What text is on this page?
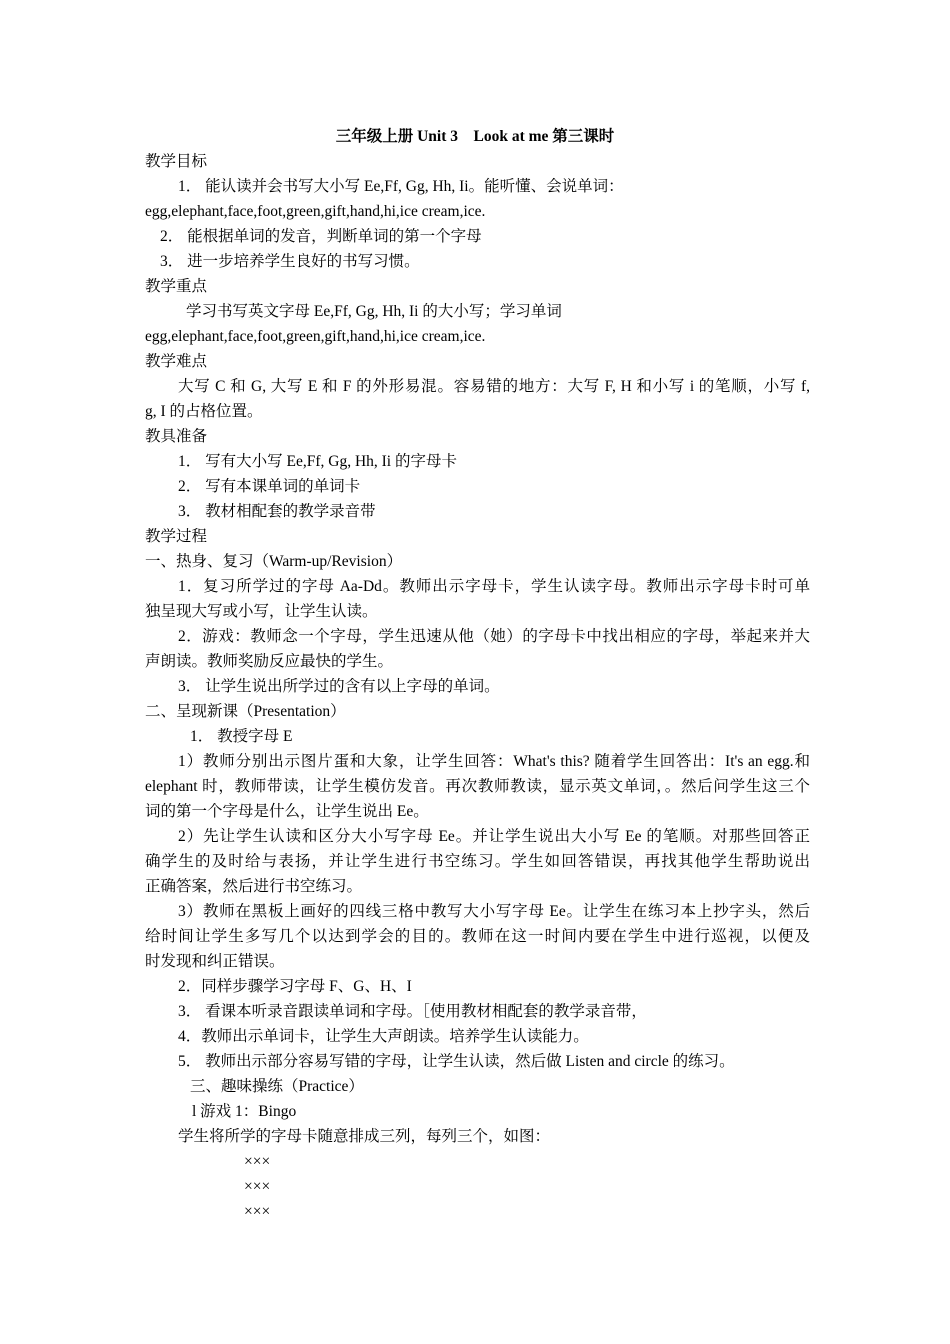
三年级上册 Unit 3　Look at me 第三课时
教学目标
1． 能认读并会书写大小写 Ee,Ff, Gg, Hh, Ii。能听懂、会说单词：
egg,elephant,face,foot,green,gift,hand,hi,ice cream,ice.
2． 能根据单词的发音，判断单词的第一个字母
3． 进一步培养学生良好的书写习惯。
教学重点
学习书写英文字母 Ee,Ff, Gg, Hh, Ii 的大小写；学习单词
egg,elephant,face,foot,green,gift,hand,hi,ice cream,ice.
教学难点
大写 C 和 G, 大写 E 和 F 的外形易混。容易错的地方：大写 F, H 和小写 i 的笔顺，小写 f,
g, I 的占格位置。
教具准备
1． 写有大小写 Ee,Ff, Gg, Hh, Ii 的字母卡
2． 写有本课单词的单词卡
3． 教材相配套的教学录音带
教学过程
一、热身、复习（Warm-up/Revision）
1．复习所学过的字母 Aa-Dd。教师出示字母卡，学生认读字母。教师出示字母卡时可单
独呈现大写或小写，让学生认读。
2．游戏：教师念一个字母，学生迅速从他（她）的字母卡中找出相应的字母，举起来并大
声朗读。教师奖励反应最快的学生。
3． 让学生说出所学过的含有以上字母的单词。
二、呈现新课（Presentation）
1． 教授字母 E
1）教师分别出示图片蛋和大象，让学生回答：What's this? 随着学生回答出：It's an egg.和
elephant 时，教师带读，让学生模仿发音。再次教师教读，显示英文单词，。然后问学生这三个
词的第一个字母是什么，让学生说出 Ee。
2）先让学生认读和区分大小写字母 Ee。并让学生说出大小写 Ee 的笔顺。对那些回答正
确学生的及时给与表扬，并让学生进行书空练习。学生如回答错误，再找其他学生帮助说出
正确答案，然后进行书空练习。
3）教师在黑板上画好的四线三格中教写大小写字母 Ee。让学生在练习本上抄字头，然后
给时间让学生多写几个以达到学会的目的。教师在这一时间内要在学生中进行巡视，以便及
时发现和纠正错误。
2．同样步骤学习字母 F、G、H、I
3． 看课本听录音跟读单词和字母。［使用教材相配套的教学录音带，
4．教师出示单词卡，让学生大声朗读。培养学生认读能力。
5． 教师出示部分容易写错的字母，让学生认读，然后做 Listen and circle 的练习。
三、趣味操练（Practice）
l 游戏 1：Bingo
学生将所学的字母卡随意排成三列，每列三个，如图：
×××
×××
×××
